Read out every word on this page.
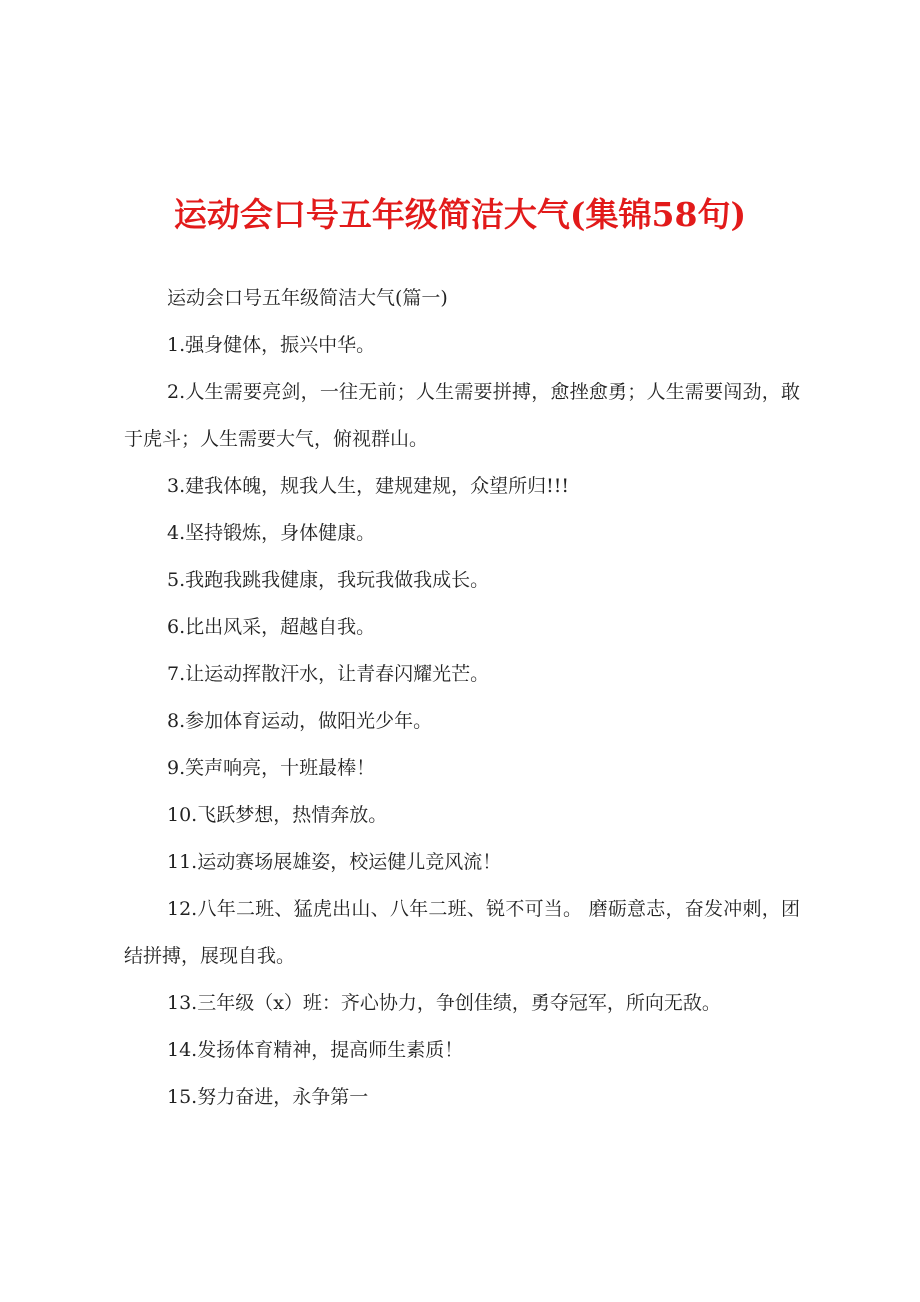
运动会口号五年级简洁大气(集锦58句)

运动会口号五年级简洁大气(篇一)

1.强身健体，振兴中华。

2.人生需要亮剑，一往无前；人生需要拼搏，愈挫愈勇；人生需要闯劲，敢于虎斗；人生需要大气，俯视群山。

3.建我体魄，规我人生，建规建规，众望所归!!!

4.坚持锻炼，身体健康。

5.我跑我跳我健康，我玩我做我成长。

6.比出风采，超越自我。

7.让运动挥散汗水，让青春闪耀光芒。

8.参加体育运动，做阳光少年。

9.笑声响亮，十班最棒！

10.飞跃梦想，热情奔放。

11.运动赛场展雄姿，校运健儿竞风流！

12.八年二班、猛虎出山、八年二班、锐不可当。 磨砺意志，奋发冲刺，团结拼搏，展现自我。

13.三年级（x）班：齐心协力，争创佳绩，勇夺冠军，所向无敌。

14.发扬体育精神，提高师生素质！

15.努力奋进，永争第一
